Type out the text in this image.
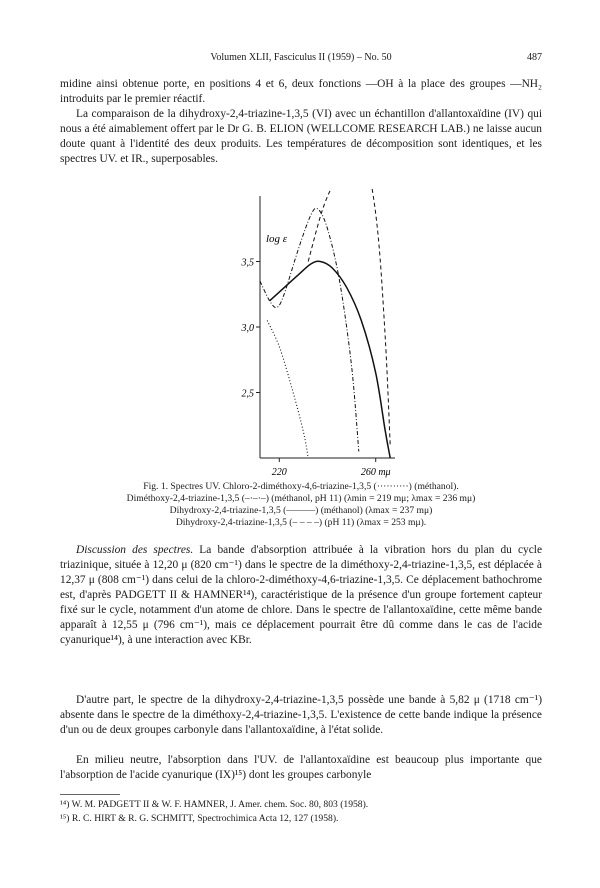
Volumen XLII, Fasciculus II (1959) – No. 50	487

midine ainsi obtenue porte, en positions 4 et 6, deux fonctions —OH à la place des groupes —NH₂ introduits par le premier réactif.

La comparaison de la dihydroxy-2,4-triazine-1,3,5 (VI) avec un échantillon d'allantoxaïdine (IV) qui nous a été aimablement offert par le Dr G. B. ELION (WELLCOME RESEARCH LAB.) ne laisse aucun doute quant à l'identité des deux produits. Les températures de décomposition sont identiques, et les spectres UV. et IR., superposables.

log ε
2,5
3,0
3,5
220	260 mμ
Fig. 1. Spectres UV. Chloro-2-diméthoxy-4,6-triazine-1,3,5 (··········) (méthanol).
Diméthoxy-2,4-triazine-1,3,5 (–·–·–) (méthanol, pH 11) (λmin = 219 mμ; λmax = 236 mμ)
Dihydroxy-2,4-triazine-1,3,5 (———) (méthanol) (λmax = 237 mμ)
Dihydroxy-2,4-triazine-1,3,5 (– – – –) (pH 11) (λmax = 253 mμ).

Discussion des spectres. La bande d'absorption attribuée à la vibration hors du plan du cycle triazinique, située à 12,20 μ (820 cm⁻¹) dans le spectre de la diméthoxy-2,4-triazine-1,3,5, est déplacée à 12,37 μ (808 cm⁻¹) dans celui de la chloro-2-diméthoxy-4,6-triazine-1,3,5. Ce déplacement bathochrome est, d'après PADGETT II & HAMNER¹⁴), caractéristique de la présence d'un groupe fortement capteur fixé sur le cycle, notamment d'un atome de chlore. Dans le spectre de l'allantoxaïdine, cette même bande apparaît à 12,55 μ (796 cm⁻¹), mais ce déplacement pourrait être dû comme dans le cas de l'acide cyanurique¹⁴), à une interaction avec KBr.

D'autre part, le spectre de la dihydroxy-2,4-triazine-1,3,5 possède une bande à 5,82 μ (1718 cm⁻¹) absente dans le spectre de la diméthoxy-2,4-triazine-1,3,5. L'existence de cette bande indique la présence d'un ou de deux groupes carbonyle dans l'allantoxaïdine, à l'état solide.

En milieu neutre, l'absorption dans l'UV. de l'allantoxaïdine est beaucoup plus importante que l'absorption de l'acide cyanurique (IX)¹⁵) dont les groupes carbonyle

¹⁴) W. M. PADGETT II & W. F. HAMNER, J. Amer. chem. Soc. 80, 803 (1958).
¹⁵) R. C. HIRT & R. G. SCHMITT, Spectrochimica Acta 12, 127 (1958).
